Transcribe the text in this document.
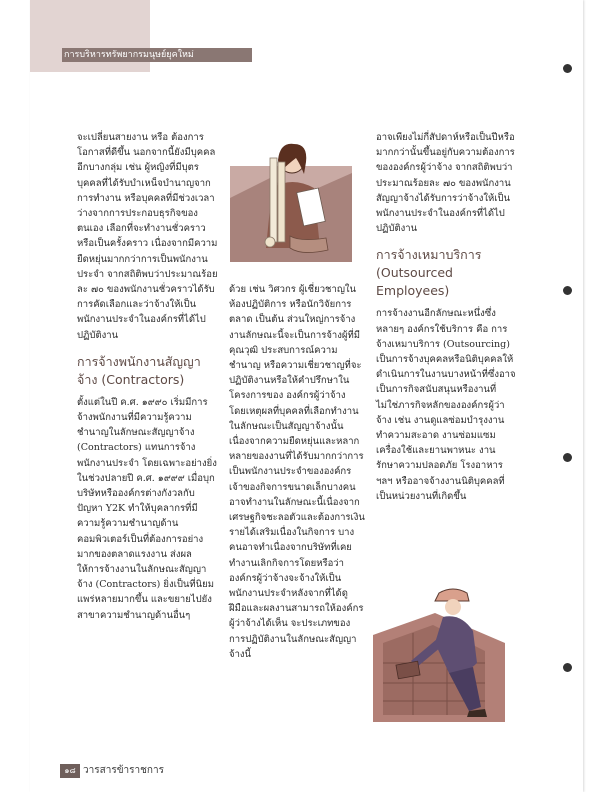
การบริหารทรัพยากรมนุษย์ยุคใหม่

จะเปลี่ยนสายงาน หรือ ต้องการโอกาสที่ดีขึ้น นอกจากนี้ยังมีบุคคลอีกบางกลุ่ม เช่น ผู้หญิงที่มีบุตร บุคคลที่ได้รับบำเหน็จบำนาญจากการทำงาน หรือบุคคลที่มีช่วงเวลาว่างจากการประกอบธุรกิจของตนเอง เลือกที่จะทำงานชั่วคราวหรือเป็นครั้งคราว เนื่องจากมีความยืดหยุ่นมากกว่าการเป็นพนักงานประจำ จากสถิติพบว่าประมาณร้อยละ ๗๐ ของพนักงานชั่วคราวได้รับการคัดเลือกและว่าจ้างให้เป็นพนักงานประจำในองค์กรที่ได้ไปปฏิบัติงาน

การจ้างพนักงานสัญญาจ้าง (Contractors)

ตั้งแต่ในปี ค.ศ. ๑๙๙๐ เริ่มมีการจ้างพนักงานที่มีความรู้ความชำนาญในลักษณะสัญญาจ้าง (Contractors) แทนการจ้างพนักงานประจำ โดยเฉพาะอย่างยิ่งในช่วงปลายปี ค.ศ. ๑๙๙๙ เมื่อบุกบริษัทหรือองค์กรต่างกังวลกับปัญหา Y2K ทำให้บุคลากรที่มีความรู้ความชำนาญด้านคอมพิวเตอร์เป็นที่ต้องการอย่างมากของตลาดแรงงาน ส่งผลให้การจ้างงานในลักษณะสัญญาจ้าง (Contractors) ยิ่งเป็นที่นิยมแพร่หลายมากขึ้น และขยายไปยังสาขาความชำนาญด้านอื่นๆ

ด้วย เช่น วิศวกร ผู้เชี่ยวชาญในห้องปฏิบัติการ หรือนักวิจัยการตลาด เป็นต้น ส่วนใหญ่การจ้างงานลักษณะนี้จะเป็นการจ้างผู้ที่มีคุณวุฒิ ประสบการณ์ความชำนาญ หรือความเชี่ยวชาญที่จะปฏิบัติงานหรือให้คำปรึกษาในโครงการของ องค์กรผู้ว่าจ้าง โดยเหตุผลที่บุคคลที่เลือกทำงานในลักษณะเป็นสัญญาจ้างนั้นเนื่องจากความยืดหยุ่นและหลากหลายของงานที่ได้รับมากกว่าการเป็นพนักงานประจำขององค์กร เจ้าของกิจการขนาดเล็กบางคนอาจทำงานในลักษณะนี้เนื่องจากเศรษฐกิจชะลอตัวและต้องการเงินรายได้เสริมเนื่องในกิจการ บางคนอาจทำเนื่องจากบริษัทที่เคยทำงานเลิกกิจการโดยหรือว่าองค์กรผู้ว่าจ้างจะจ้างให้เป็นพนักงานประจำหลังจากที่ได้ดูฝีมือและผลงานสามารถให้องค์กรผู้ว่าจ้างได้เห็น จะประเภทของการปฏิบัติงานในลักษณะสัญญาจ้างนี้

อาจเพียงไม่กี่สัปดาห์หรือเป็นปีหรือมากกว่านั้นขึ้นอยู่กับความต้องการขององค์กรผู้ว่าจ้าง จากสถิติพบว่าประมาณร้อยละ ๗๐ ของพนักงานสัญญาจ้างได้รับการว่าจ้างให้เป็นพนักงานประจำในองค์กรที่ได้ไปปฏิบัติงาน

การจ้างเหมาบริการ (Outsourced Employees)

การจ้างงานอีกลักษณะหนึ่งซึ่งหลายๆ องค์กรใช้บริการ คือ การจ้างเหมาบริการ (Outsourcing) เป็นการจ้างบุคคลหรือนิติบุคคลให้ดำเนินการในงานบางหน้าที่ซึ่งอาจเป็นการกิจสนับสนุนหรืองานที่ไม่ใช่ภารกิจหลักขององค์กรผู้ว่าจ้าง เช่น งานดูแลซ่อมบำรุงงานทำความสะอาด งานซ่อมแซมเครื่องใช้และยานพาหนะ งานรักษาความปลอดภัย โรงอาหาร ฯลฯ หรืออาจจ้างงานนิติบุคคลที่เป็นหน่วยงานที่เกิดขึ้น

๑๘ วารสารข้าราชการ
